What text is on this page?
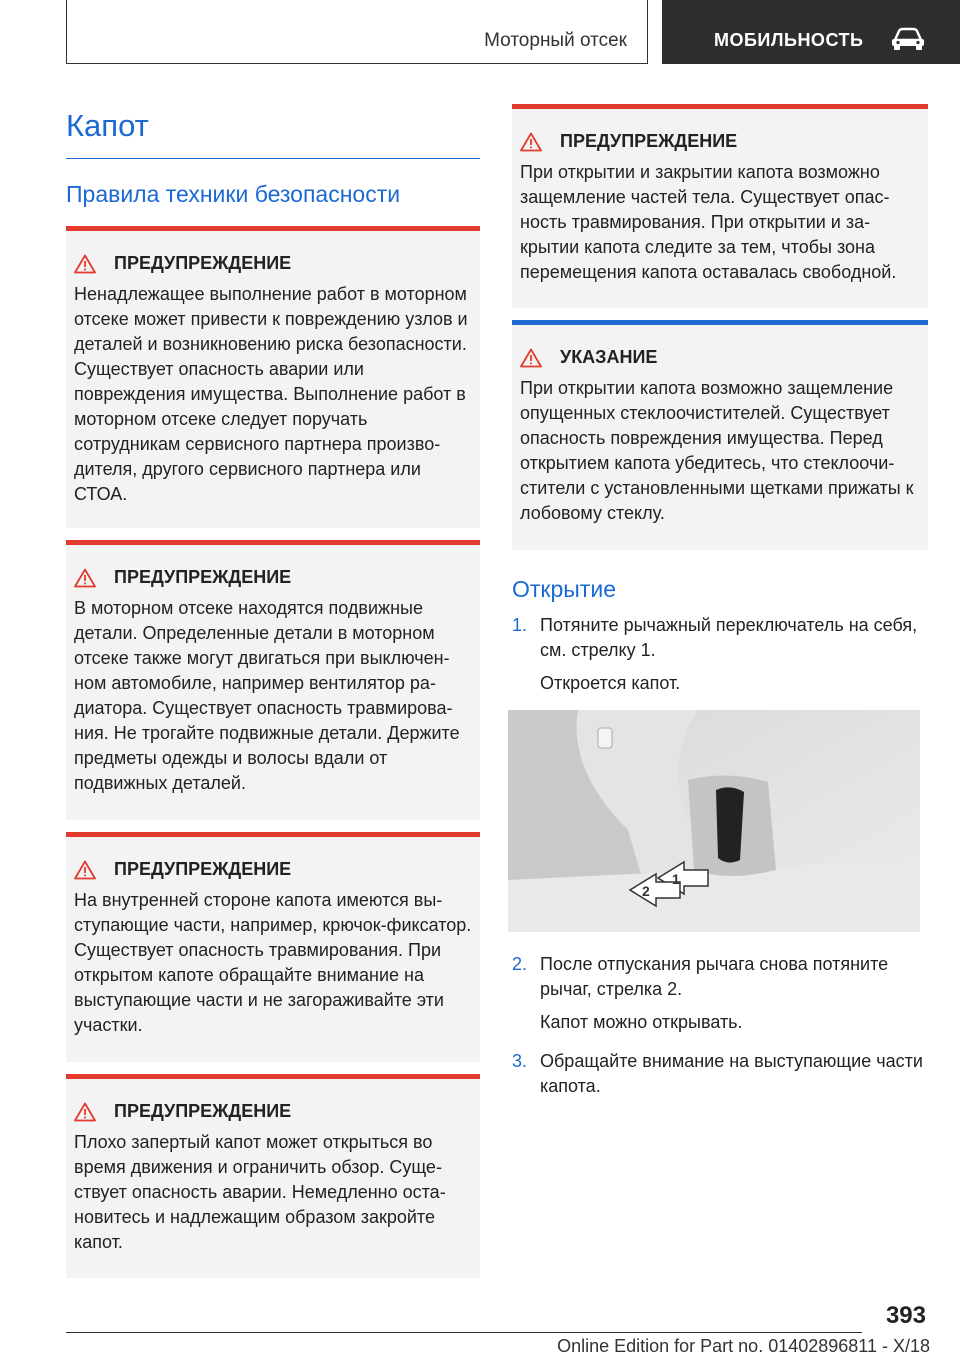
Моторный отсек	МОБИЛЬНОСТЬ
Капот
Правила техники безопасности
ПРЕДУПРЕЖДЕНИЕ
Ненадлежащее выполнение работ в моторном отсеке может привести к повреждению узлов и деталей и возникновению риска безопасности. Существует опасность аварии или повреждения имущества. Выполнение работ в моторном отсеке следует поручать сотрудникам сервисного партнера производителя, другого сервисного партнера или СТОА.
ПРЕДУПРЕЖДЕНИЕ
В моторном отсеке находятся подвижные детали. Определенные детали в моторном отсеке также могут двигаться при выключенном автомобиле, например вентилятор радиатора. Существует опасность травмирования. Не трогайте подвижные детали. Держите предметы одежды и волосы вдали от подвижных деталей.
ПРЕДУПРЕЖДЕНИЕ
На внутренней стороне капота имеются выступающие части, например, крючок-фиксатор. Существует опасность травмирования. При открытом капоте обращайте внимание на выступающие части и не загораживайте эти участки.
ПРЕДУПРЕЖДЕНИЕ
Плохо запертый капот может открыться во время движения и ограничить обзор. Существует опасность аварии. Немедленно остановитесь и надлежащим образом закройте капот.
ПРЕДУПРЕЖДЕНИЕ
При открытии и закрытии капота возможно защемление частей тела. Существует опасность травмирования. При открытии и закрытии капота следите за тем, чтобы зона перемещения капота оставалась свободной.
УКАЗАНИЕ
При открытии капота возможно защемление опущенных стеклоочистителей. Существует опасность повреждения имущества. Перед открытием капота убедитесь, что стеклоочистители с установленными щетками прижаты к лобовому стеклу.
Открытие
1. Потяните рычажный переключатель на себя, см. стрелку 1.
Откроется капот.
1
2
2. После отпускания рычага снова потяните рычаг, стрелка 2.
Капот можно открывать.
3. Обращайте внимание на выступающие части капота.
393
Online Edition for Part no. 01402896811 - X/18
